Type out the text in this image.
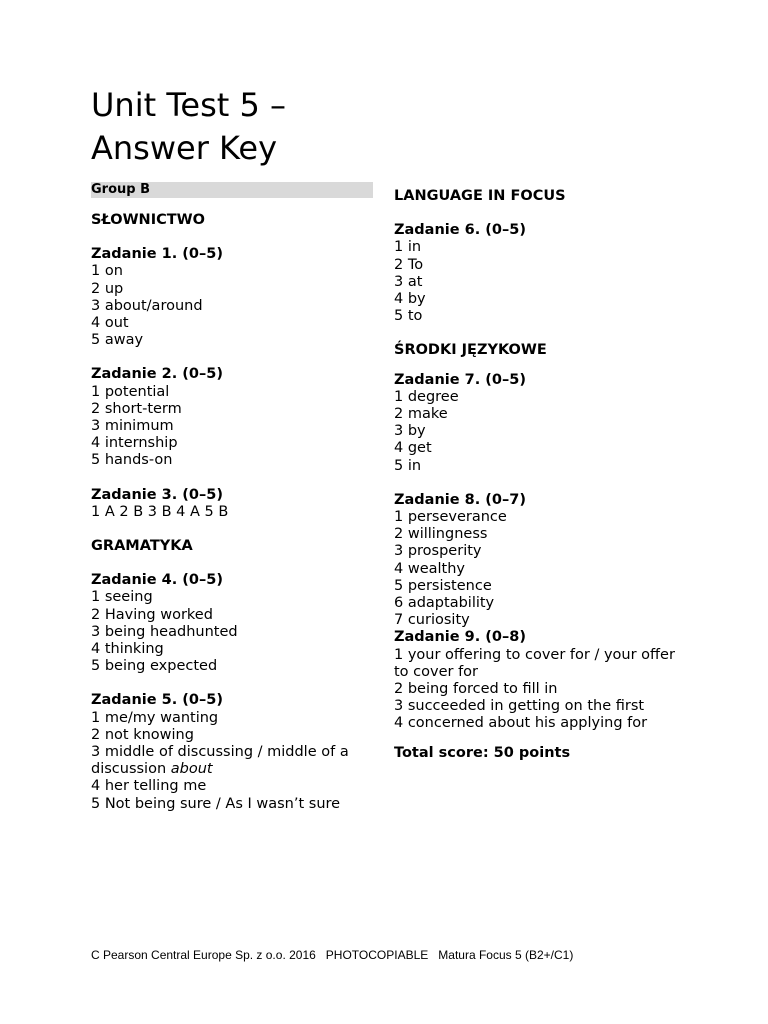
Unit Test 5 –
Answer Key
Group B

SŁOWNICTWO

Zadanie 1. (0–5)

1 on

2 up

3 about/around

4 out

5 away

Zadanie 2. (0–5)

1 potential

2 short-term

3 minimum

4 internship

5 hands-on

Zadanie 3. (0–5)

1 A 2 B 3 B 4 A 5 B

GRAMATYKA

Zadanie 4. (0–5)

1 seeing

2 Having worked

3 being headhunted

4 thinking

5 being expected

Zadanie 5. (0–5)

1 me/my wanting

2 not knowing

3 middle of discussing / middle of a discussion about

4 her telling me

5 Not being sure / As I wasn’t sure

LANGUAGE IN FOCUS

Zadanie 6. (0–5)

1 in

2 To

3 at

4 by

5 to

ŚRODKI JĘZYKOWE

Zadanie 7. (0–5)

1 degree

2 make

3 by

4 get

5 in

Zadanie 8. (0–7)

1 perseverance

2 willingness

3 prosperity

4 wealthy

5 persistence

6 adaptability

7 curiosity

Zadanie 9. (0–8)

1 your offering to cover for / your offer to cover for

2 being forced to fill in

3 succeeded in getting on the first

4 concerned about his applying for

Total score: 50 points

C Pearson Central Europe Sp. z o.o. 2016   PHOTOCOPIABLE   Matura Focus 5 (B2+/C1)
